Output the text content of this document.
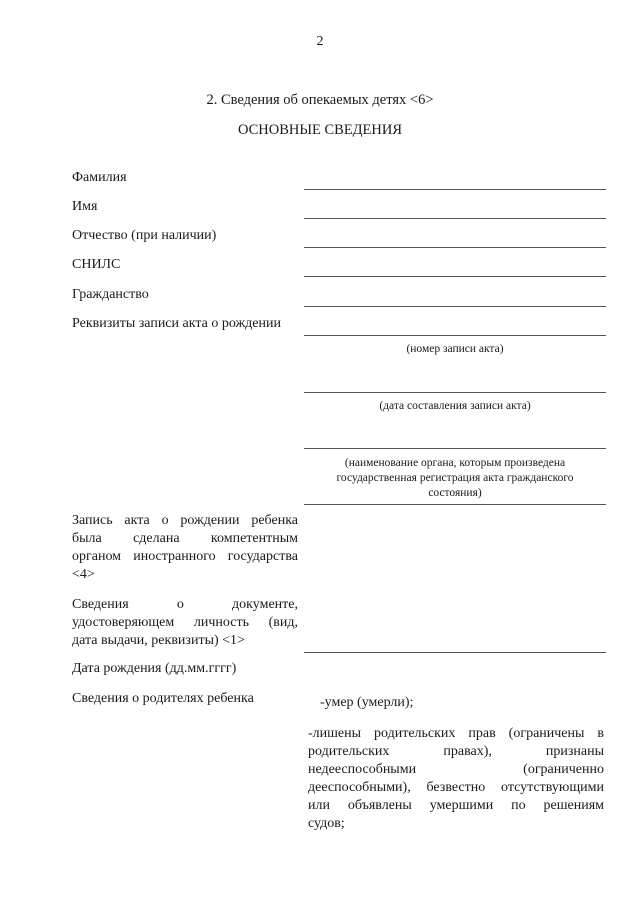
2
2. Сведения об опекаемых детях <6>
ОСНОВНЫЕ СВЕДЕНИЯ
Фамилия
Имя
Отчество (при наличии)
СНИЛС
Гражданство
Реквизиты записи акта о рождении
(номер записи акта)
(дата составления записи акта)
(наименование органа, которым произведена
государственная регистрация акта гражданского
состояния)
Запись акта о рождении ребенка
была сделана компетентным
органом иностранного государства
<4>
Сведения о документе,
удостоверяющем личность (вид,
дата выдачи, реквизиты) <1>
Дата рождения (дд.мм.гггг)
Сведения о родителях ребенка	-умер (умерли);
-лишены родительских прав (ограничены в
родительских правах), признаны
недееспособными (ограниченно
дееспособными), безвестно отсутствующими
или объявлены умершими по решениям
судов;
